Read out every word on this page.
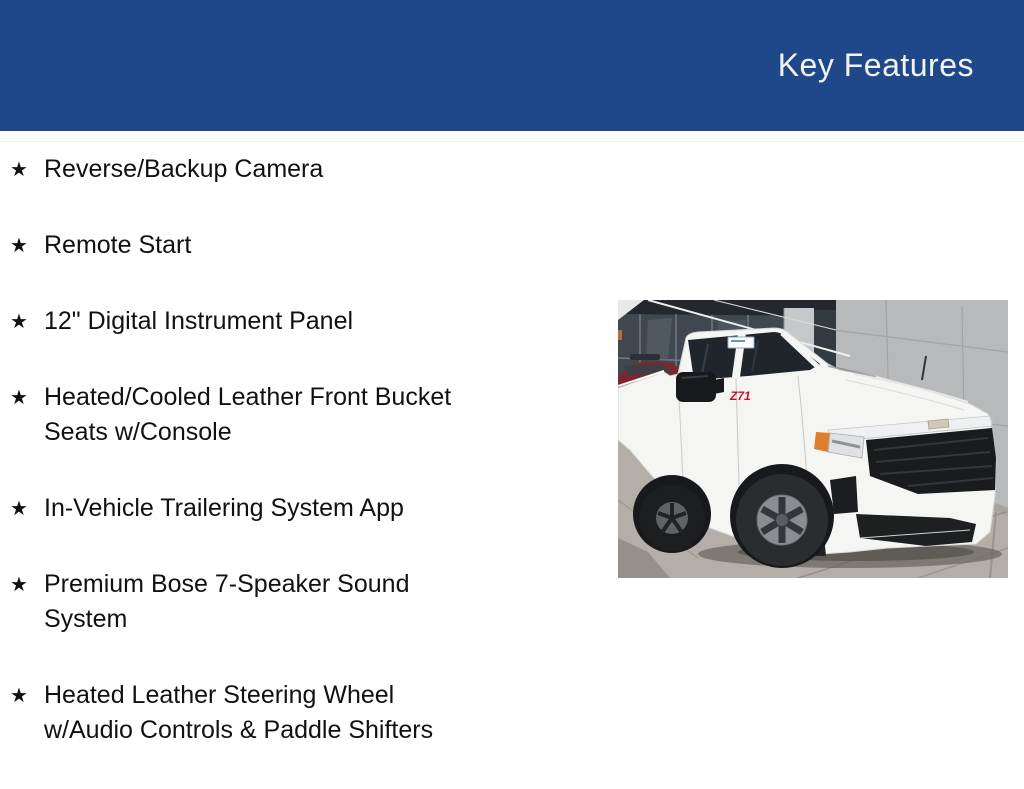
Key Features
★ Reverse/Backup Camera
★ Remote Start
★ 12" Digital Instrument Panel
★ Heated/Cooled Leather Front Bucket
Seats w/Console
★ In-Vehicle Trailering System App
★ Premium Bose 7-Speaker Sound
System
★ Heated Leather Steering Wheel
w/Audio Controls & Paddle Shifters
Z71
